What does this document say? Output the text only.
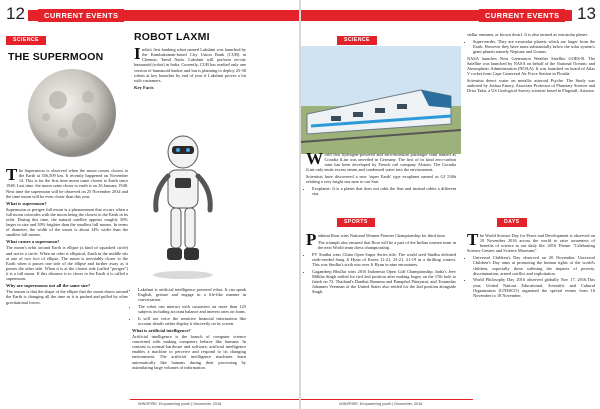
12	CURRENT EVENTS
SCIENCE
THE SUPERMOON

The Supermoon is observed when the moon comes closest to the Earth at 356,509 km. It recently happened on November 14. This is for the first time moon came closest to Earth since 1948. Last time, the moon came closer to earth is on 26 January 1948. Next time the supermoon will be observed on 25 November 2034 and the time moon will be even closer than this year.

What is supermoon?

Supermoon or perigee full moon is a phenomenon that occurs when a full moon coincides with the moon being the closest to the Earth in its orbit. During this time, the natural satellite appears roughly 30% larger in size and 30% brighter than the smallest full moons. In terms of diameter, the width of the moon is about 14% wider than the smallest full moons.

What causes a supermoon?

The moon's orbit around Earth is ellipse (a kind of squashed circle) and not in a circle. When an orbit is elliptical, Earth in the middle sits at one of two foci of ellipse. The moon is inevitably closer to the Earth when it passes one side of the ellipse and further away as it passes the other side. When it is at the closest side (called "perigee") it is a full moon. If this distance is to closer to the Earth it is called a supermoon.

Why are supermoons not all the same size?

The reason is that the shape of the ellipse that the moon draws around the Earth is changing all the time as it is pushed and pulled by other gravitational forces.

ROBOT LAXMI

India's first banking robot named Lakshmi was launched by the Kumbakonam-based City Union Bank (CUB) in Chennai, Tamil Nadu. Lakshmi will perform on-site humanoid (robot) in India. Currently, CUB has readied only one version of humanoid banker and but is planning to deploy 25-30 robots at key branches by end of year if Lakshmi proves a hit with customers.

Key Facts
• Lakshmi is artificial intelligence powered robot. It can speak English, gesture and engage in a life-like manner in conversation.
• The robot can interact with customers on more than 125 subjects including account balance and interest rates on loans.
• It will not voice the sensitive financial information like account details rather display it discreetly on its screen.
What is artificial intelligence?

Artificial intelligence is the branch of computer science concerned with making computers behave like humans. In contrast to normal hardware and software, artificial intelligence enables a machine to perceive and respond to its changing environment. The artificial intelligence machines learn automatically like humans during their processing by assimilating large volumes of information.

WINSPIRE: Empowering youth | December, 2016
CURRENT EVENTS	13
SCIENCE

World first hydrogen-powered and zero-emission passenger train named as Coradia iLint was unveiled in Germany. The first of its kind zero-carbon train has been developed by French rail company Alstom. The Coradia iLint only emits excess steam and condensed water into the environment.

Scientists have discovered a new 'super Earth' type exoplanet named as GJ 536b orbiting a very bright star near to our Sun.

• Exoplanet: It is a planet that does not orbit the Sun and instead orbits a different star,

stellar remnant, or brown dwarf. It is also termed as extrasolar planet.

• Super-earths: They are extrasolar planets which are larger from the Earth. However they have mass substantially below the solar system's giant planets namely Neptune and Uranus.

NASA launches Next Generation Weather Satellite GOES-R. The Satellite was launched by NASA on behalf of the National Oceanic and Atmospheric Administration (NOAA). It was launched on board of Atlas V rocket from Cape Canaveral Air Force Station in Florida.

Scientists detect water on metallic asteroid Psyche. The Study was authored by Joshua Emery, Associate Professor of Planetary Science and Driss Takir, a US Geological Survey scientist based in Flagstaff, Arizona.

SPORTS

Padmini Rout wins National Women Premier Championship for third time.

The triumph also ensured that Rout will be a part of the Indian women team in the next World team chess championship.

• PV Sindhu wins China Open Super Series title. The world seed Sindhu defeated sixth-seeded Sung Ji Hyun of Korea 11-21, 23-21, 21-19 in a thrilling contest. This was Sindhu's sixth win over Ji Hyun in nine encounters.
• Gagandeep Bhullar wins 2016 Indonesia Open Golf Championship. India's Jeev Milkha Singh settled for tied 2nd position after making bogey on the 17th hole to finish on 72. Thailand's Danthai Boonma and Panuphol Pittayarat, and Tournedas Johannes Veerman of the United States also settled for the 2nd position alongside Singh.
DAYS

The World Science Day for Peace and Development is observed on 10 November 2016 across the world to raise awareness of benefits of science in our daily life. 2016 Theme: "Celebrating Science Centres and Science Museums".

• Universal Children's Day observed on 20 November. Universal Children's Day aims at promoting the human rights of the world's children, especially those suffering the impacts of poverty, discrimination, armed conflict and exploitation.
• World Philosophy Day 2016 observed globally Nov 17, 2016.This year, United Nations Educational, Scientific and Cultural Organization (UNESCO) organised the special events from 16 November to 18 November.
WINSPIRE: Empowering youth | December, 2016
